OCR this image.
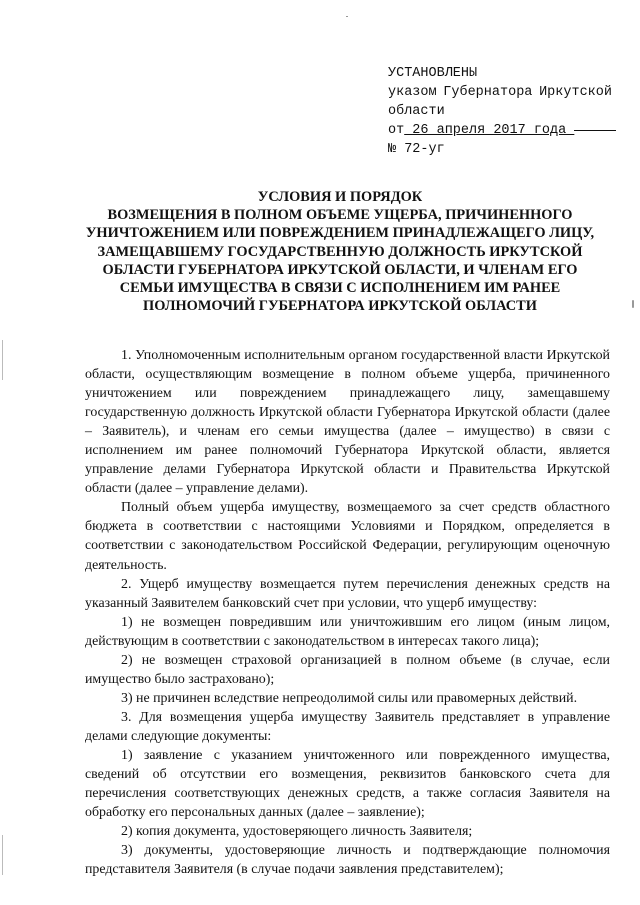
УСТАНОВЛЕНЫ
указом Губернатора Иркутской
области
от 26 апреля 2017 года
№ 72-уг
УСЛОВИЯ И ПОРЯДОК
ВОЗМЕЩЕНИЯ В ПОЛНОМ ОБЪЕМЕ УЩЕРБА, ПРИЧИНЕННОГО
УНИЧТОЖЕНИЕМ ИЛИ ПОВРЕЖДЕНИЕМ ПРИНАДЛЕЖАЩЕГО ЛИЦУ,
ЗАМЕЩАВШЕМУ ГОСУДАРСТВЕННУЮ ДОЛЖНОСТЬ ИРКУТСКОЙ
ОБЛАСТИ ГУБЕРНАТОРА ИРКУТСКОЙ ОБЛАСТИ, И ЧЛЕНАМ ЕГО
СЕМЬИ ИМУЩЕСТВА В СВЯЗИ С ИСПОЛНЕНИЕМ ИМ РАНЕЕ
ПОЛНОМОЧИЙ ГУБЕРНАТОРА ИРКУТСКОЙ ОБЛАСТИ

1. Уполномоченным исполнительным органом государственной власти Иркутской области, осуществляющим возмещение в полном объеме ущерба, причиненного уничтожением или повреждением принадлежащего лицу, замещавшему государственную должность Иркутской области Губернатора Иркутской области (далее – Заявитель), и членам его семьи имущества (далее – имущество) в связи с исполнением им ранее полномочий Губернатора Иркутской области, является управление делами Губернатора Иркутской области и Правительства Иркутской области (далее – управление делами).

Полный объем ущерба имуществу, возмещаемого за счет средств областного бюджета в соответствии с настоящими Условиями и Порядком, определяется в соответствии с законодательством Российской Федерации, регулирующим оценочную деятельность.

2. Ущерб имуществу возмещается путем перечисления денежных средств на указанный Заявителем банковский счет при условии, что ущерб имуществу:

1) не возмещен повредившим или уничтожившим его лицом (иным лицом, действующим в соответствии с законодательством в интересах такого лица);

2) не возмещен страховой организацией в полном объеме (в случае, если имущество было застраховано);

3) не причинен вследствие непреодолимой силы или правомерных действий.

3. Для возмещения ущерба имуществу Заявитель представляет в управление делами следующие документы:

1) заявление с указанием уничтоженного или поврежденного имущества, сведений об отсутствии его возмещения, реквизитов банковского счета для перечисления соответствующих денежных средств, а также согласия Заявителя на обработку его персональных данных (далее – заявление);

2) копия документа, удостоверяющего личность Заявителя;

3) документы, удостоверяющие личность и подтверждающие полномочия представителя Заявителя (в случае подачи заявления представителем);
